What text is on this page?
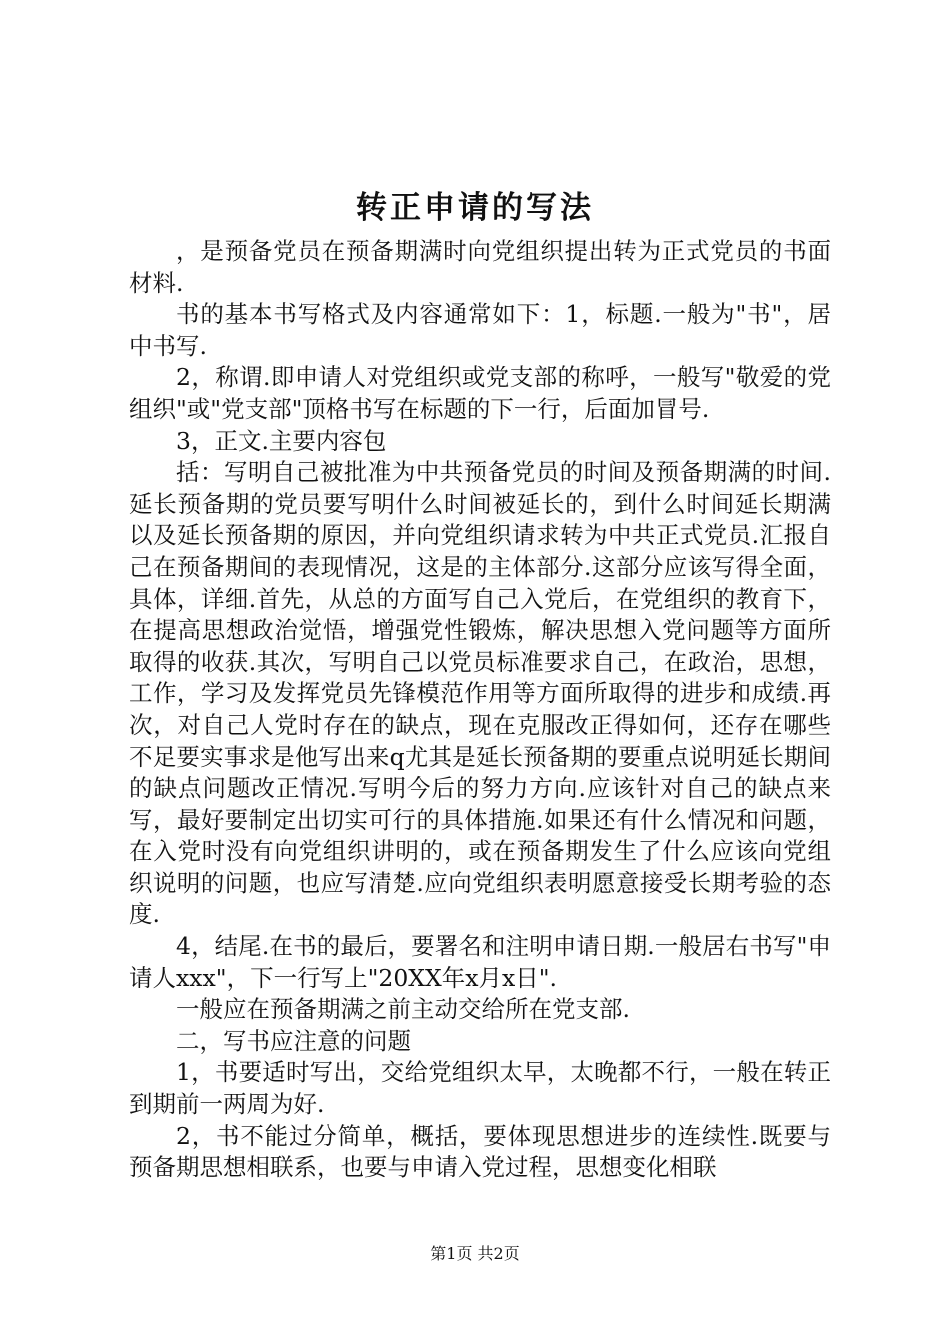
转正申请的写法

，是预备党员在预备期满时向党组织提出转为正式党员的书面材料.

书的基本书写格式及内容通常如下：1，标题.一般为"书"，居中书写.

2，称谓.即申请人对党组织或党支部的称呼，一般写"敬爱的党组织"或"党支部"顶格书写在标题的下一行，后面加冒号.

3，正文.主要内容包

括：写明自己被批准为中共预备党员的时间及预备期满的时间.延长预备期的党员要写明什么时间被延长的，到什么时间延长期满以及延长预备期的原因，并向党组织请求转为中共正式党员.汇报自己在预备期间的表现情况，这是的主体部分.这部分应该写得全面，具体，详细.首先，从总的方面写自己入党后，在党组织的教育下，在提高思想政治觉悟，增强党性锻炼，解决思想入党问题等方面所取得的收获.其次，写明自己以党员标准要求自己，在政治，思想，工作，学习及发挥党员先锋模范作用等方面所取得的进步和成绩.再次，对自己人党时存在的缺点，现在克服改正得如何，还存在哪些不足要实事求是他写出来q尤其是延长预备期的要重点说明延长期间的缺点问题改正情况.写明今后的努力方向.应该针对自己的缺点来写，最好要制定出切实可行的具体措施.如果还有什么情况和问题，在入党时没有向党组织讲明的，或在预备期发生了什么应该向党组织说明的问题，也应写清楚.应向党组织表明愿意接受长期考验的态度.

4，结尾.在书的最后，要署名和注明申请日期.一般居右书写"申请人xxx"，下一行写上"20XX年x月x日".

一般应在预备期满之前主动交给所在党支部.

二，写书应注意的问题

1，书要适时写出，交给党组织太早，太晚都不行，一般在转正到期前一两周为好.

2，书不能过分简单，概括，要体现思想进步的连续性.既要与预备期思想相联系，也要与申请入党过程，思想变化相联

第1页 共2页
